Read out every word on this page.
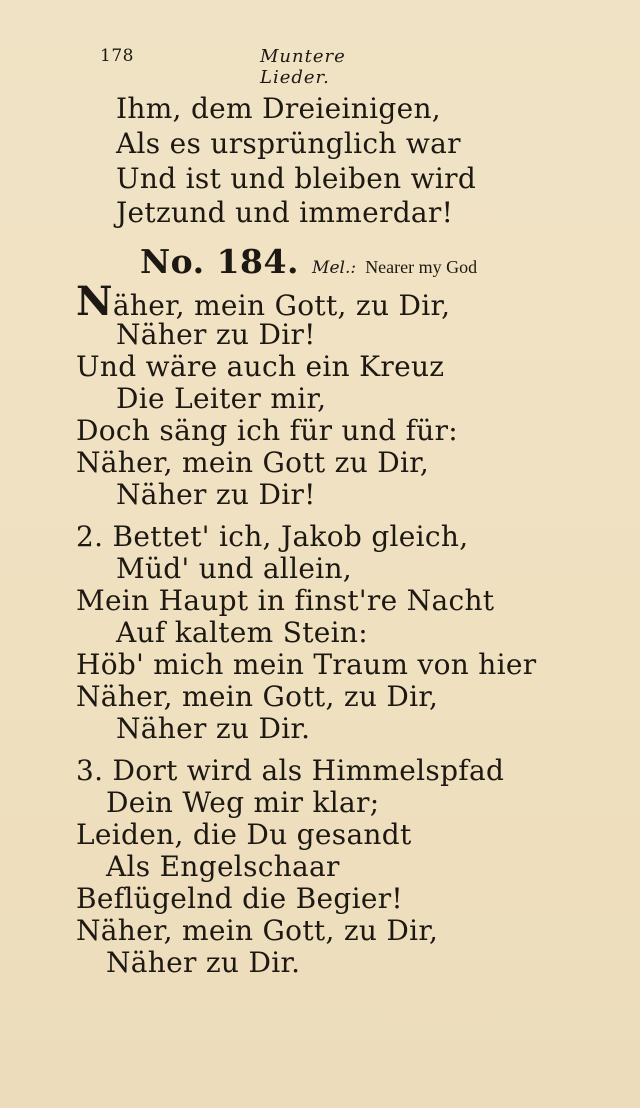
178	Muntere Lieder.
Ihm, dem Dreieinigen,
Als es ursprünglich war
Und ist und bleiben wird
Jetzund und immerdar!
No. 184. Mel.: Nearer my God
Näher, mein Gott, zu Dir,
Näher zu Dir!
Und wäre auch ein Kreuz
Die Leiter mir,
Doch säng ich für und für:
Näher, mein Gott zu Dir,
Näher zu Dir!
2. Bettet' ich, Jakob gleich,
Müd' und allein,
Mein Haupt in finst're Nacht
Auf kaltem Stein:
Höb' mich mein Traum von hier
Näher, mein Gott, zu Dir,
Näher zu Dir.
3. Dort wird als Himmelspfad
Dein Weg mir klar;
Leiden, die Du gesandt
Als Engelschaar
Beflügelnd die Begier!
Näher, mein Gott, zu Dir,
Näher zu Dir.
